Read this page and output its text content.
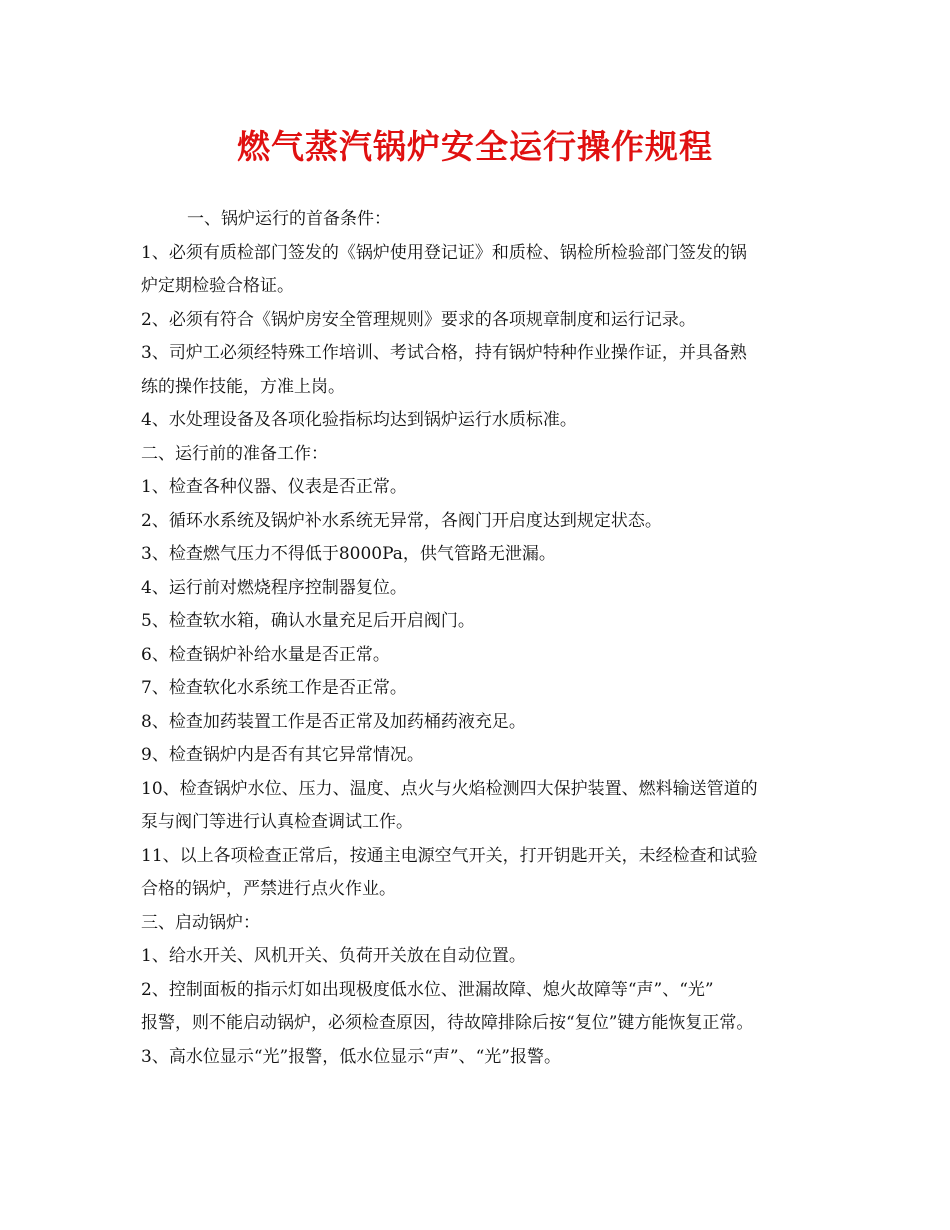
燃气蒸汽锅炉安全运行操作规程

一、锅炉运行的首备条件：

1、必须有质检部门签发的《锅炉使用登记证》和质检、锅检所检验部门签发的锅

炉定期检验合格证。

2、必须有符合《锅炉房安全管理规则》要求的各项规章制度和运行记录。

3、司炉工必须经特殊工作培训、考试合格，持有锅炉特种作业操作证，并具备熟

练的操作技能，方准上岗。

4、水处理设备及各项化验指标均达到锅炉运行水质标准。

二、运行前的准备工作：

1、检查各种仪器、仪表是否正常。

2、循环水系统及锅炉补水系统无异常，各阀门开启度达到规定状态。

3、检查燃气压力不得低于8000Pa，供气管路无泄漏。

4、运行前对燃烧程序控制器复位。

5、检查软水箱，确认水量充足后开启阀门。

6、检查锅炉补给水量是否正常。

7、检查软化水系统工作是否正常。

8、检查加药装置工作是否正常及加药桶药液充足。

9、检查锅炉内是否有其它异常情况。

10、检查锅炉水位、压力、温度、点火与火焰检测四大保护装置、燃料输送管道的

泵与阀门等进行认真检查调试工作。

11、以上各项检查正常后，按通主电源空气开关，打开钥匙开关，未经检查和试验

合格的锅炉，严禁进行点火作业。

三、启动锅炉：

1、给水开关、风机开关、负荷开关放在自动位置。

2、控制面板的指示灯如出现极度低水位、泄漏故障、熄火故障等“声”、“光”

报警，则不能启动锅炉，必须检查原因，待故障排除后按“复位”键方能恢复正常。

3、高水位显示“光”报警，低水位显示“声”、“光”报警。
